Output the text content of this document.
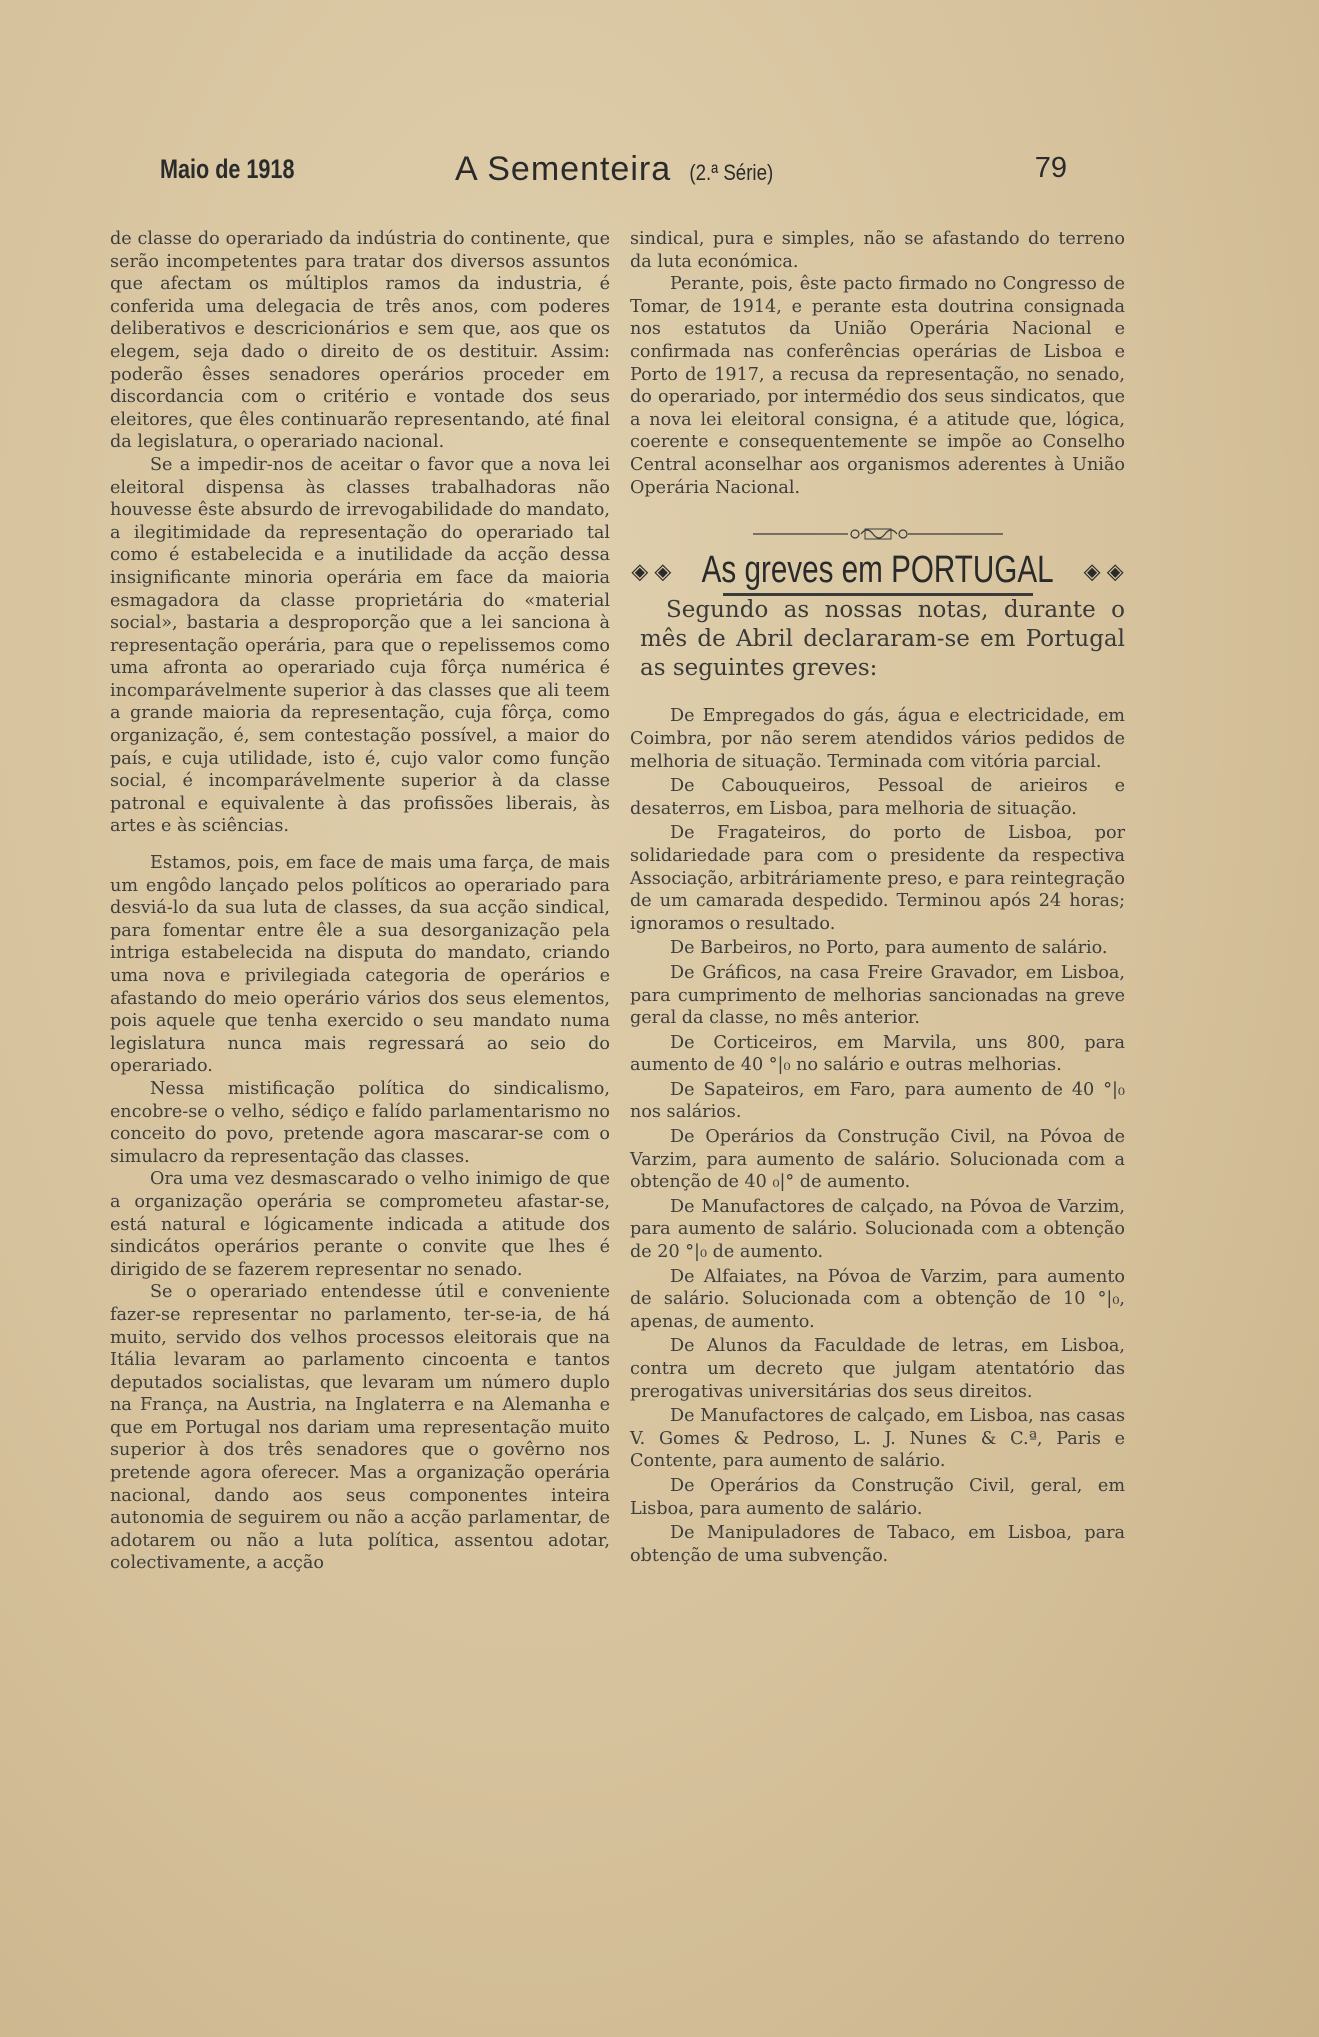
Maio de 1918	A Sementeira (2.ª Série)	79

de classe do operariado da indústria do continente, que serão incompetentes para tratar dos diversos assuntos que afectam os múltiplos ramos da industria, é conferida uma delegacia de três anos, com poderes deliberativos e descricionários e sem que, aos que os elegem, seja dado o direito de os destituir. Assim: poderão êsses senadores operários proceder em discordancia com o critério e vontade dos seus eleitores, que êles continuarão representando, até final da legislatura, o operariado nacional.

Se a impedir-nos de aceitar o favor que a nova lei eleitoral dispensa às classes trabalhadoras não houvesse êste absurdo de irrevogabilidade do mandato, a ilegitimidade da representação do operariado tal como é estabelecida e a inutilidade da acção dessa insignificante minoria operária em face da maioria esmagadora da classe proprietária do «material social», bastaria a desproporção que a lei sanciona à representação operária, para que o repelissemos como uma afronta ao operariado cuja fôrça numérica é incomparávelmente superior à das classes que ali teem a grande maioria da representação, cuja fôrça, como organização, é, sem contestação possível, a maior do país, e cuja utilidade, isto é, cujo valor como função social, é incomparávelmente superior à da classe patronal e equivalente à das profissões liberais, às artes e às sciências.

Estamos, pois, em face de mais uma farça, de mais um engôdo lançado pelos políticos ao operariado para desviá-lo da sua luta de classes, da sua acção sindical, para fomentar entre êle a sua desorganização pela intriga estabelecida na disputa do mandato, criando uma nova e privilegiada categoria de operários e afastando do meio operário vários dos seus elementos, pois aquele que tenha exercido o seu mandato numa legislatura nunca mais regressará ao seio do operariado.

Nessa mistificação política do sindicalismo, encobre-se o velho, sédiço e falído parlamentarismo no conceito do povo, pretende agora mascarar-se com o simulacro da representação das classes.

Ora uma vez desmascarado o velho inimigo de que a organização operária se comprometeu afastar-se, está natural e lógicamente indicada a atitude dos sindicátos operários perante o convite que lhes é dirigido de se fazerem representar no senado.

Se o operariado entendesse útil e conveniente fazer-se representar no parlamento, ter-se-ia, de há muito, servido dos velhos processos eleitorais que na Itália levaram ao parlamento cincoenta e tantos deputados socialistas, que levaram um número duplo na França, na Austria, na Inglaterra e na Alemanha e que em Portugal nos dariam uma representação muito superior à dos três senadores que o govêrno nos pretende agora oferecer. Mas a organização operária nacional, dando aos seus componentes inteira autonomia de seguirem ou não a acção parlamentar, de adotarem ou não a luta política, assentou adotar, colectivamente, a acção

sindical, pura e simples, não se afastando do terreno da luta económica.

Perante, pois, êste pacto firmado no Congresso de Tomar, de 1914, e perante esta doutrina consignada nos estatutos da União Operária Nacional e confirmada nas conferências operárias de Lisboa e Porto de 1917, a recusa da representação, no senado, do operariado, por intermédio dos seus sindicatos, que a nova lei eleitoral consigna, é a atitude que, lógica, coerente e consequentemente se impõe ao Conselho Central aconselhar aos organismos aderentes à União Operária Nacional.

◈ ◈ As greves em PORTUGAL ◈ ◈

Segundo as nossas notas, durante o mês de Abril declararam-se em Portugal as seguintes greves:

De Empregados do gás, água e electricidade, em Coimbra, por não serem atendidos vários pedidos de melhoria de situação. Terminada com vitória parcial.

De Cabouqueiros, Pessoal de arieiros e desaterros, em Lisboa, para melhoria de situação.

De Fragateiros, do porto de Lisboa, por solidariedade para com o presidente da respectiva Associação, arbitráriamente preso, e para reintegração de um camarada despedido. Terminou após 24 horas; ignoramos o resultado.

De Barbeiros, no Porto, para aumento de salário.

De Gráficos, na casa Freire Gravador, em Lisboa, para cumprimento de melhorias sancionadas na greve geral da classe, no mês anterior.

De Corticeiros, em Marvila, uns 800, para aumento de 40 °|₀ no salário e outras melhorias.

De Sapateiros, em Faro, para aumento de 40 °|₀ nos salários.

De Operários da Construção Civil, na Póvoa de Varzim, para aumento de salário. Solucionada com a obtenção de 40 ₀|° de aumento.

De Manufactores de calçado, na Póvoa de Varzim, para aumento de salário. Solucionada com a obtenção de 20 °|₀ de aumento.

De Alfaiates, na Póvoa de Varzim, para aumento de salário. Solucionada com a obtenção de 10 °|₀, apenas, de aumento.

De Alunos da Faculdade de letras, em Lisboa, contra um decreto que julgam atentatório das prerogativas universitárias dos seus direitos.

De Manufactores de calçado, em Lisboa, nas casas V. Gomes & Pedroso, L. J. Nunes & C.ª, Paris e Contente, para aumento de salário.

De Operários da Construção Civil, geral, em Lisboa, para aumento de salário.

De Manipuladores de Tabaco, em Lisboa, para obtenção de uma subvenção.
